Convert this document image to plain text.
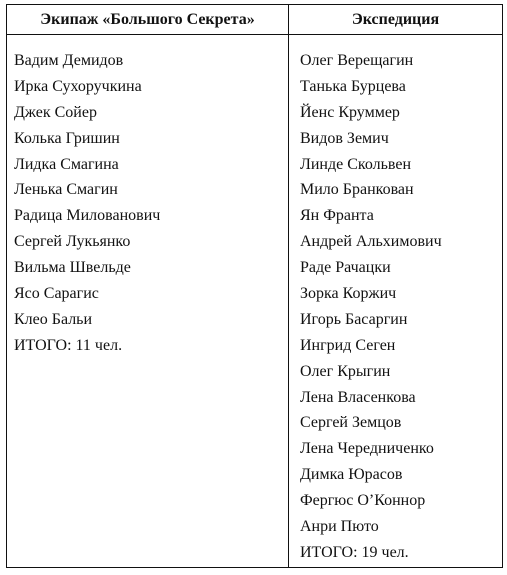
Экипаж «Большого Секрета»	Экспедиция
Вадим Демидов
Ирка Сухоручкина
Джек Сойер
Колька Гришин
Лидка Смагина
Ленька Смагин
Радица Милованович
Сергей Лукьянко
Вильма Швельде
Ясо Сарагис
Клео Бальи
ИТОГО: 11 чел.
Олег Верещагин
Танька Бурцева
Йенс Круммер
Видов Земич
Линде Скольвен
Мило Бранкован
Ян Франта
Андрей Альхимович
Раде Рачацки
Зорка Коржич
Игорь Басаргин
Ингрид Сеген
Олег Крыгин
Лена Власенкова
Сергей Земцов
Лена Чередниченко
Димка Юрасов
Фергюс О’Коннор
Анри Пюто
ИТОГО: 19 чел.
